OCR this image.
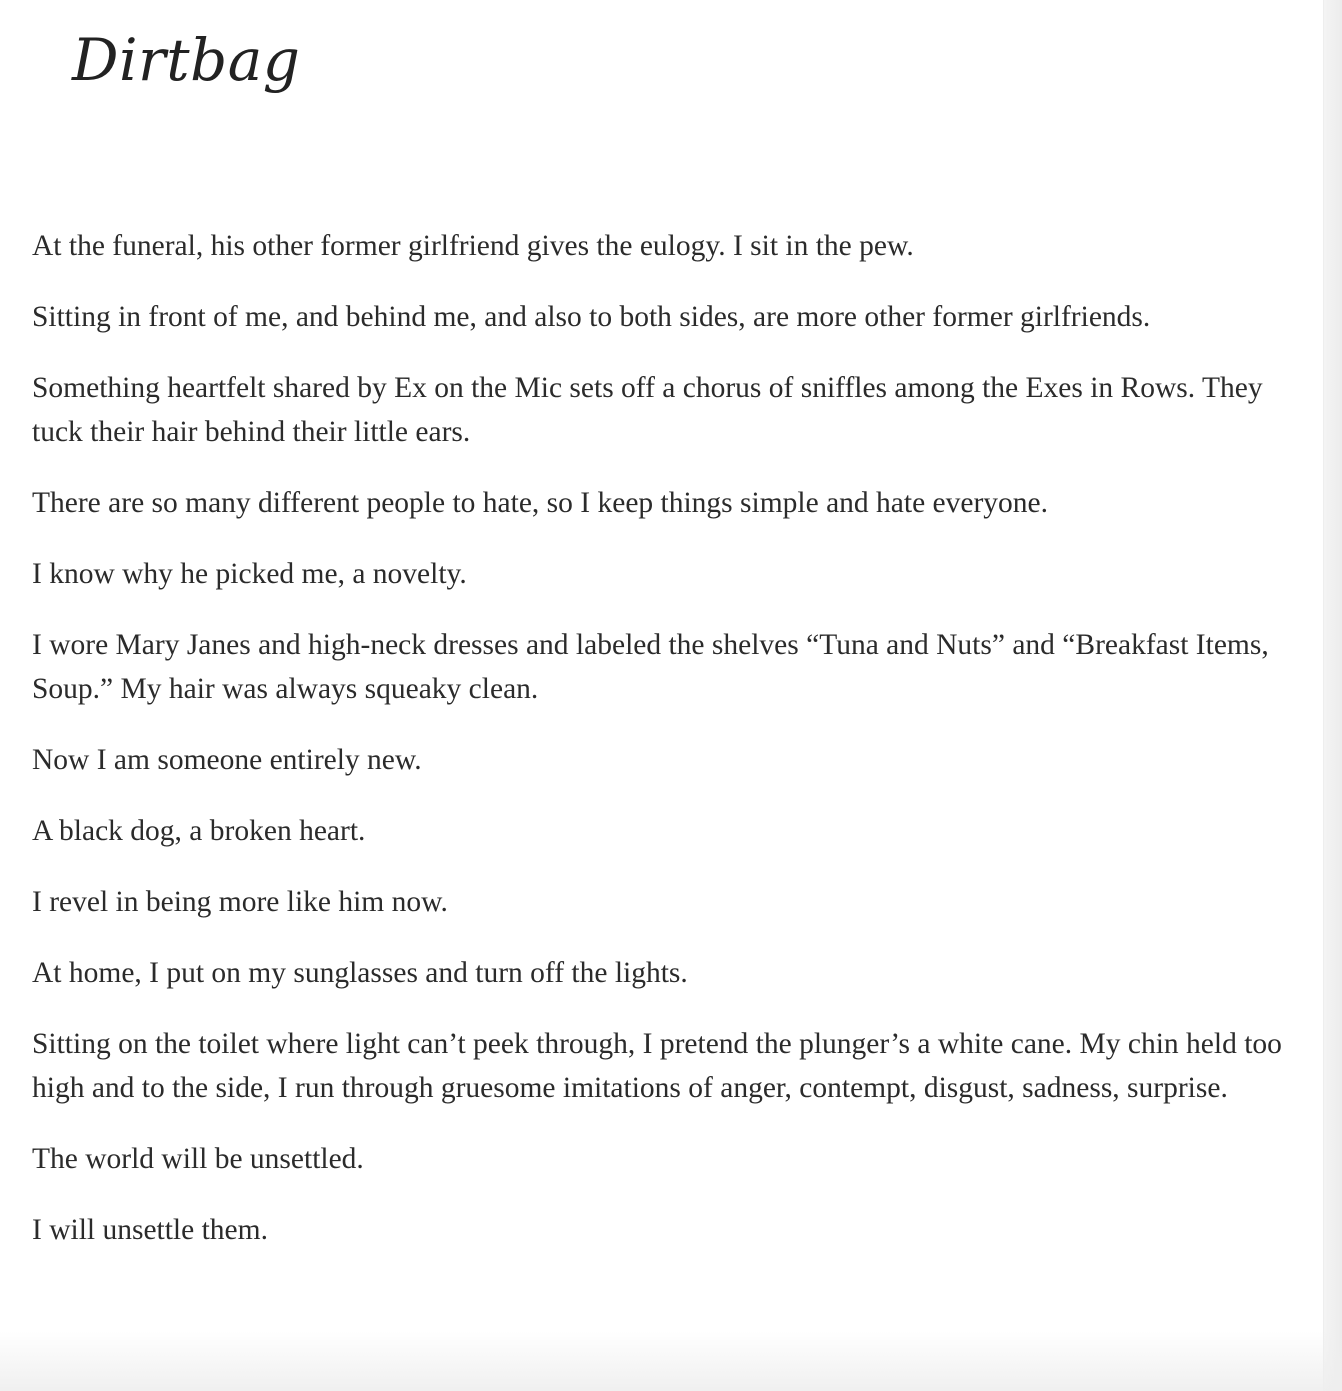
Dirtbag

At the funeral, his other former girlfriend gives the eulogy. I sit in the pew.

Sitting in front of me, and behind me, and also to both sides, are more other former girlfriends.

Something heartfelt shared by Ex on the Mic sets off a chorus of sniffles among the Exes in Rows. They tuck their hair behind their little ears.

There are so many different people to hate, so I keep things simple and hate everyone.

I know why he picked me, a novelty.

I wore Mary Janes and high-neck dresses and labeled the shelves “Tuna and Nuts” and “Breakfast Items, Soup.” My hair was always squeaky clean.

Now I am someone entirely new.

A black dog, a broken heart.

I revel in being more like him now.

At home, I put on my sunglasses and turn off the lights.

Sitting on the toilet where light can’t peek through, I pretend the plunger’s a white cane. My chin held too high and to the side, I run through gruesome imitations of anger, contempt, disgust, sadness, surprise.

The world will be unsettled.

I will unsettle them.
